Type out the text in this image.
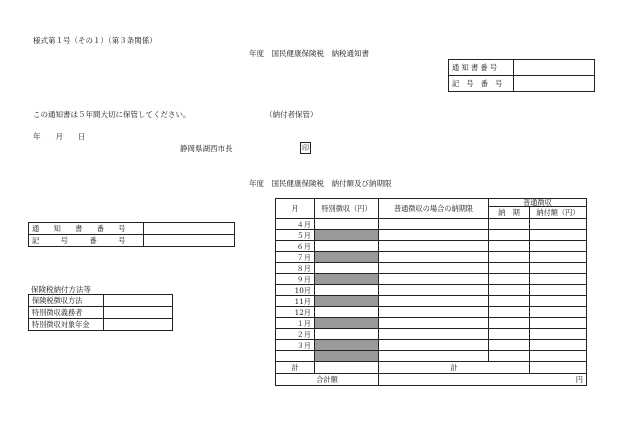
様式第１号（その１）（第３条関係）
年度　国民健康保険税　納税通知書
通 知 書 番 号	
記　号　番　号	
この通知書は５年間大切に保管してください。	（納付者保管）
年　　月　　日
静岡県湖西市長	印
年度　国民健康保険税　納付額及び納期限
通　　知　　書　　番　　号	
記　　　号　　　番　　　号	
保険税納付方法等
保険税徴収方法	
特別徴収義務者	
特別徴収対象年金	
月	特別徴収（円）	普通徴収の場合の納期限	普通徴収	
			納　期	納付額（円）
４月				
５月				
６月				
７月				
８月				
９月				
10月				
11月				
12月				
１月				
２月				
３月				

計		計		
合計額		円		
